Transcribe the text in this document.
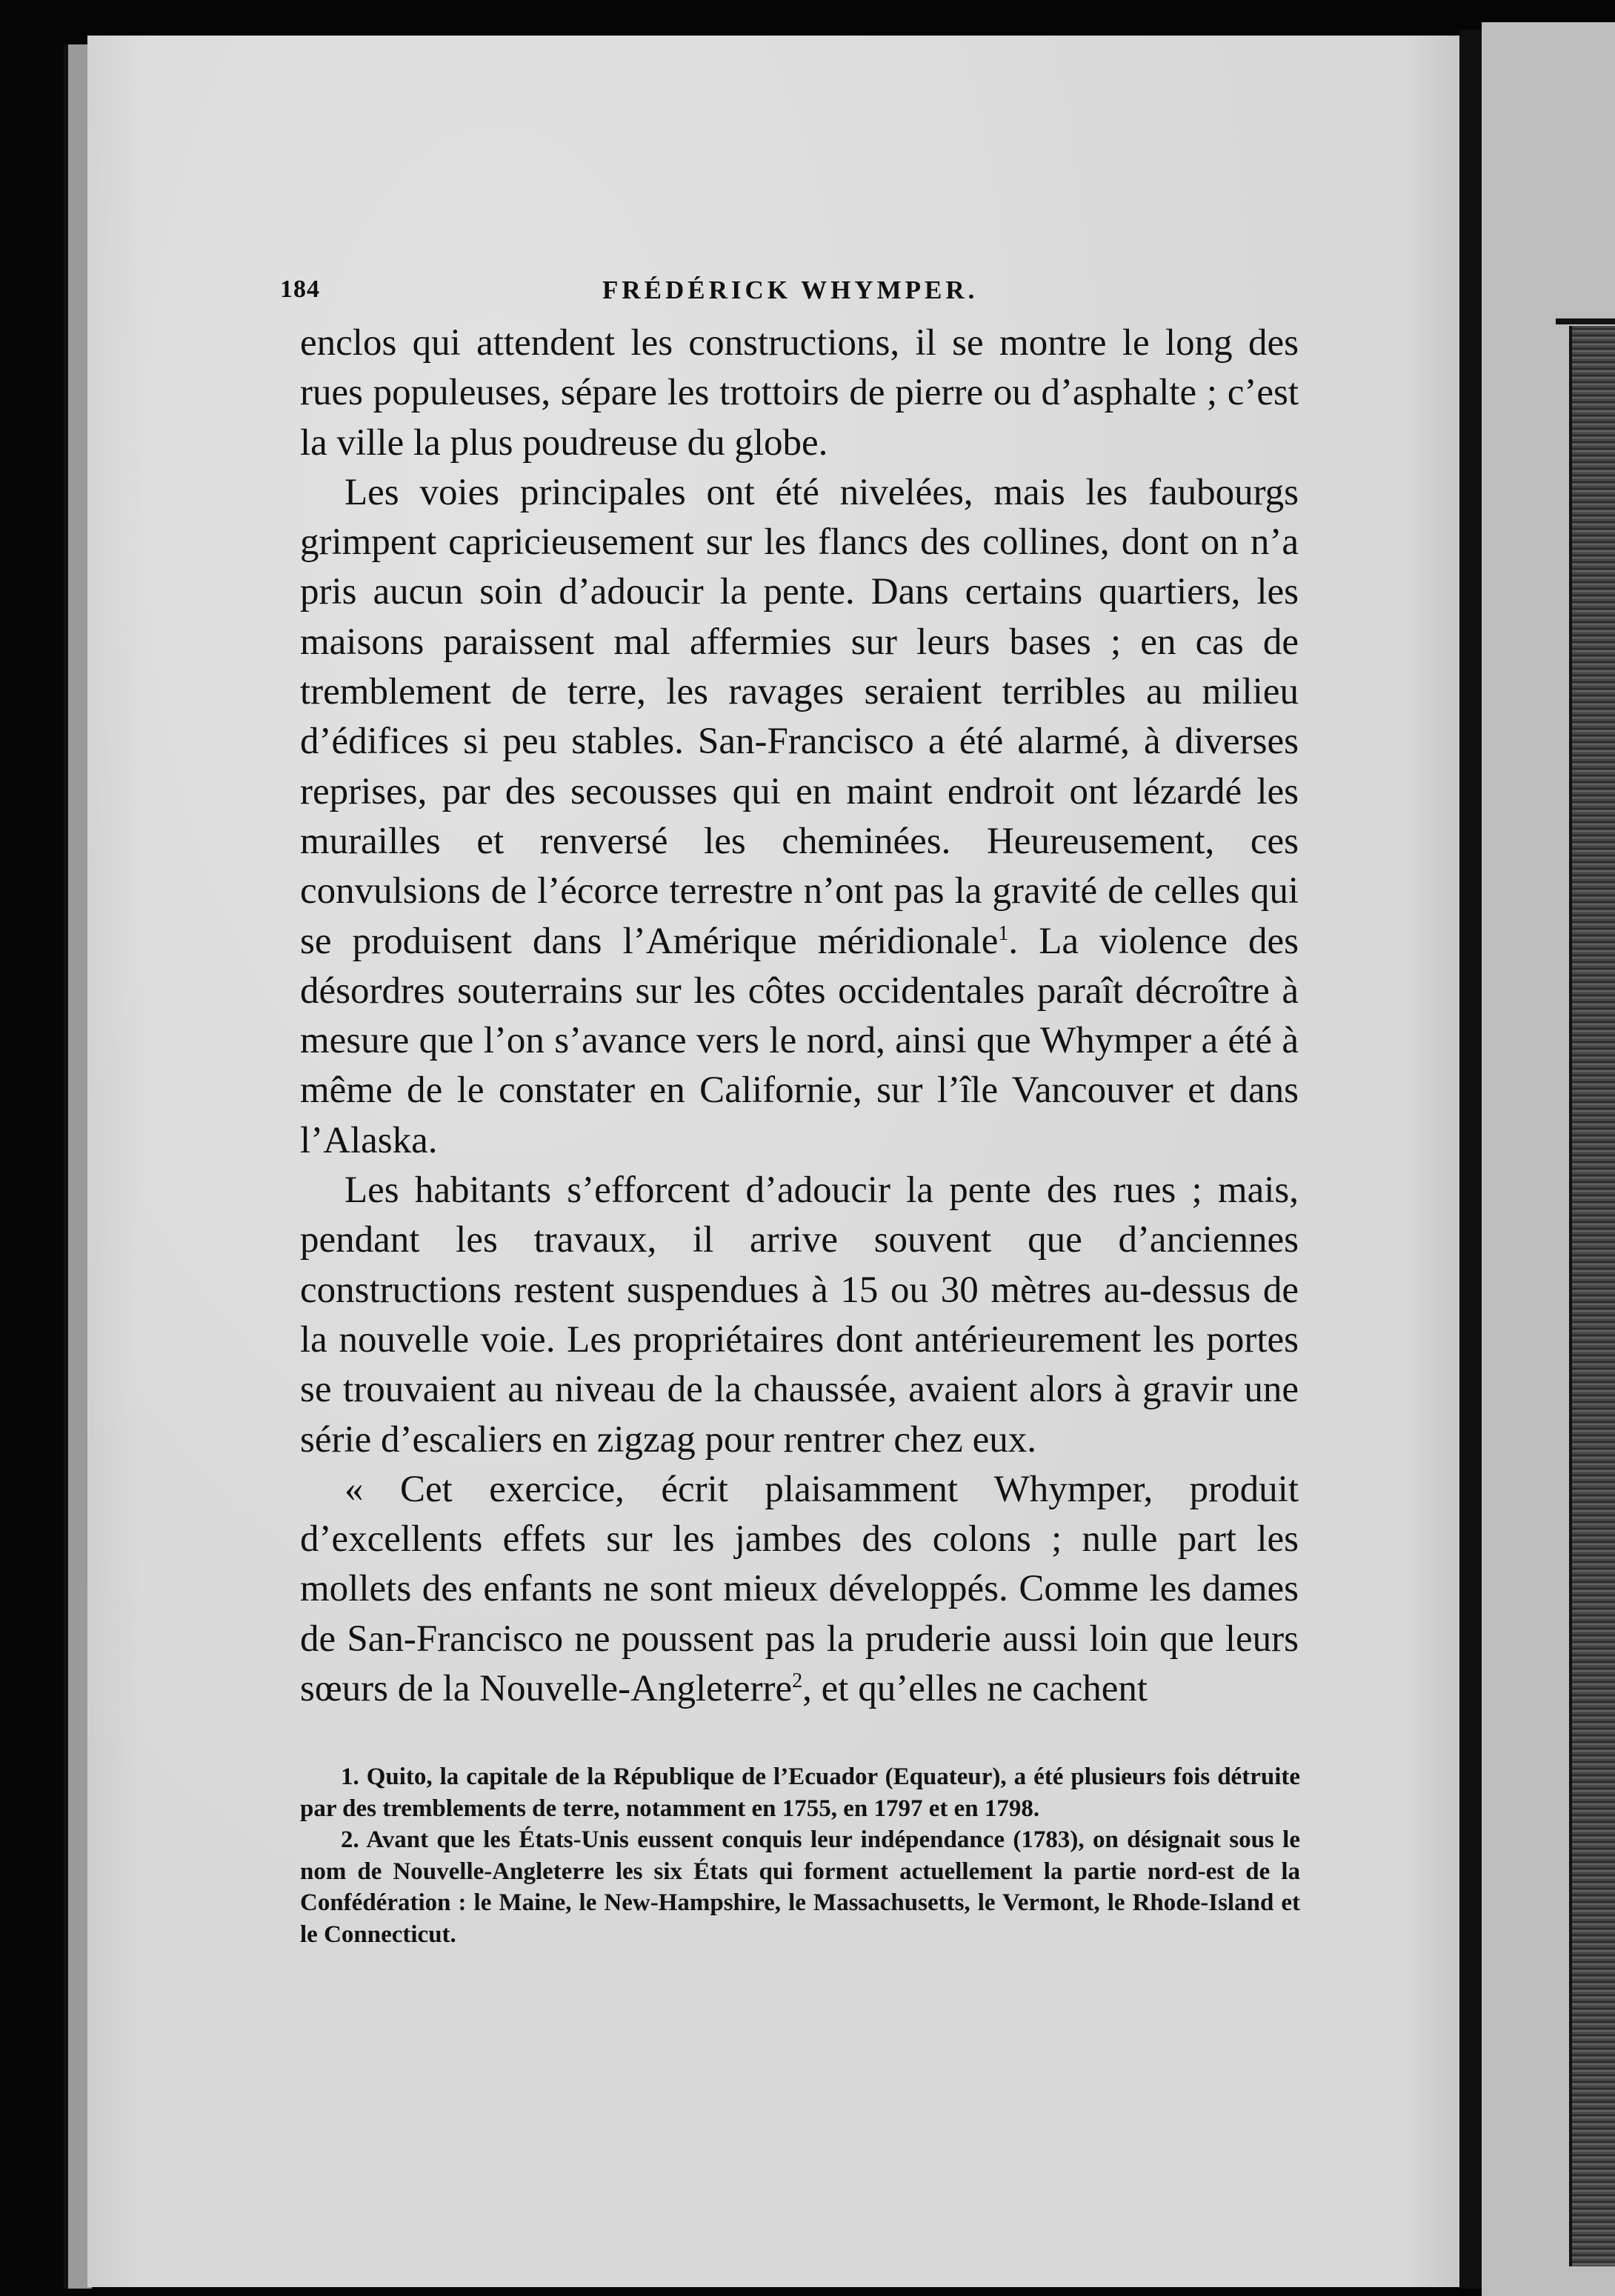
184	FRÉDÉRICK WHYMPER.

enclos qui attendent les constructions, il se montre le long des rues populeuses, sépare les trottoirs de pierre ou d’asphalte ; c’est la ville la plus poudreuse du globe.

Les voies principales ont été nivelées, mais les faubourgs grimpent capricieusement sur les flancs des collines, dont on n’a pris aucun soin d’adoucir la pente. Dans certains quartiers, les maisons paraissent mal affermies sur leurs bases ; en cas de tremblement de terre, les ravages seraient terribles au milieu d’édifices si peu stables. San-Francisco a été alarmé, à diverses reprises, par des secousses qui en maint endroit ont lézardé les murailles et renversé les cheminées. Heureusement, ces convulsions de l’écorce terrestre n’ont pas la gravité de celles qui se produisent dans l’Amérique méridionale$^1$. La violence des désordres souterrains sur les côtes occidentales paraît décroître à mesure que l’on s’avance vers le nord, ainsi que Whymper a été à même de le constater en Californie, sur l’île Vancouver et dans l’Alaska.

Les habitants s’efforcent d’adoucir la pente des rues ; mais, pendant les travaux, il arrive souvent que d’anciennes constructions restent suspendues à 15 ou 30 mètres au-dessus de la nouvelle voie. Les propriétaires dont antérieurement les portes se trouvaient au niveau de la chaussée, avaient alors à gravir une série d’escaliers en zigzag pour rentrer chez eux.

« Cet exercice, écrit plaisamment Whymper, produit d’excellents effets sur les jambes des colons ; nulle part les mollets des enfants ne sont mieux développés. Comme les dames de San-Francisco ne poussent pas la pruderie aussi loin que leurs sœurs de la Nouvelle-Angleterre$^2$, et qu’elles ne cachent

1. Quito, la capitale de la République de l’Ecuador (Equateur), a été plusieurs fois détruite par des tremblements de terre, notamment en 1755, en 1797 et en 1798.

2. Avant que les États-Unis eussent conquis leur indépendance (1783), on désignait sous le nom de Nouvelle-Angleterre les six États qui forment actuellement la partie nord-est de la Confédération : le Maine, le New-Hampshire, le Massachusetts, le Vermont, le Rhode-Island et le Connecticut.
